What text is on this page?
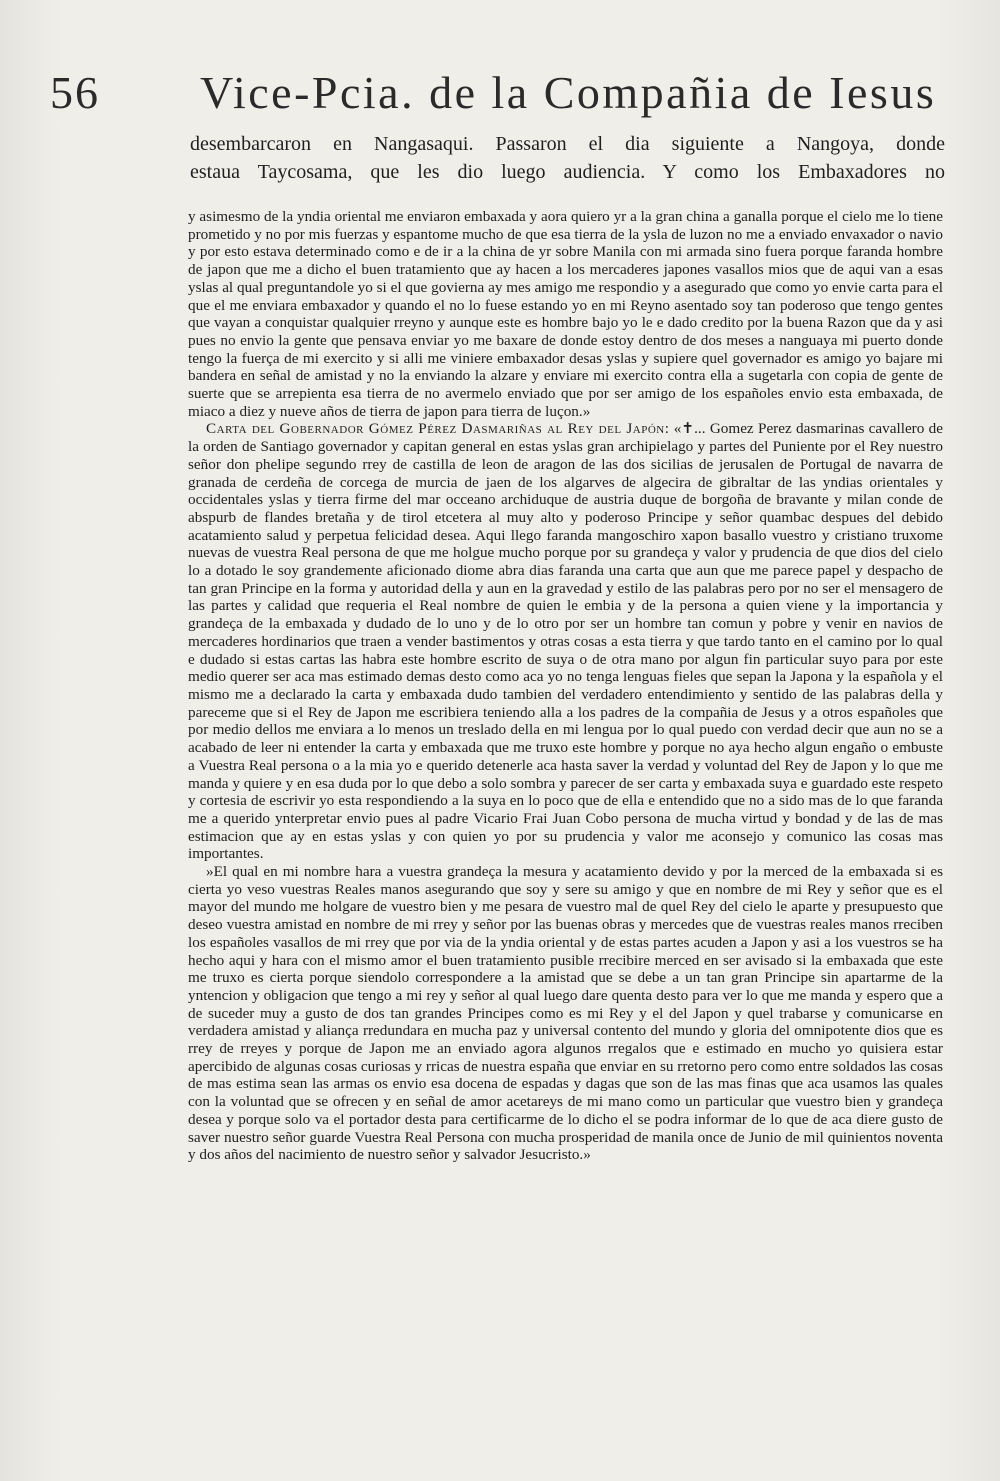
56 Vice-Pcia. de la Compañia de Iesus

desembarcaron en Nangasaqui. Passaron el dia siguiente a Nangoya, donde

estaua Taycosama, que les dio luego audiencia. Y como los Embaxadores no

y asimesmo de la yndia oriental me enviaron embaxada y aora quiero yr a la gran china a ganalla porque el cielo me lo tiene prometido y no por mis fuerzas y espantome mucho de que esa tierra de la ysla de luzon no me a enviado envaxador o navio y por esto estava determinado como e de ir a la china de yr sobre Manila con mi armada sino fuera porque faranda hombre de japon que me a dicho el buen tratamiento que ay hacen a los mercaderes japones vasallos mios que de aqui van a esas yslas al qual preguntandole yo si el que govierna ay mes amigo me respondio y a asegurado que como yo envie carta para el que el me enviara embaxador y quando el no lo fuese estando yo en mi Reyno asentado soy tan poderoso que tengo gentes que vayan a conquistar qualquier rreyno y aunque este es hombre bajo yo le e dado credito por la buena Razon que da y asi pues no envio la gente que pensava enviar yo me baxare de donde estoy dentro de dos meses a nanguaya mi puerto donde tengo la fuerça de mi exercito y si alli me viniere embaxador desas yslas y supiere quel governador es amigo yo bajare mi bandera en señal de amistad y no la enviando la alzare y enviare mi exercito contra ella a sugetarla con copia de gente de suerte que se arrepienta esa tierra de no avermelo enviado que por ser amigo de los españoles envio esta embaxada, de miaco a diez y nueve años de tierra de japon para tierra de luçon.»

Carta del Gobernador Gómez Pérez Dasmariñas al Rey del Japón: «✝... Gomez Perez dasmarinas cavallero de la orden de Santiago governador y capitan general en estas yslas gran archipielago y partes del Puniente por el Rey nuestro señor don phelipe segundo rrey de castilla de leon de aragon de las dos sicilias de jerusalen de Portugal de navarra de granada de cerdeña de corcega de murcia de jaen de los algarves de algecira de gibraltar de las yndias orientales y occidentales yslas y tierra firme del mar occeano archiduque de austria duque de borgoña de bravante y milan conde de abspurb de flandes bretaña y de tirol etcetera al muy alto y poderoso Principe y señor quambac despues del debido acatamiento salud y perpetua felicidad desea. Aqui llego faranda mangoschiro xapon basallo vuestro y cristiano truxome nuevas de vuestra Real persona de que me holgue mucho porque por su grandeça y valor y prudencia de que dios del cielo lo a dotado le soy grandemente aficionado diome abra dias faranda una carta que aun que me parece papel y despacho de tan gran Principe en la forma y autoridad della y aun en la gravedad y estilo de las palabras pero por no ser el mensagero de las partes y calidad que requeria el Real nombre de quien le embia y de la persona a quien viene y la importancia y grandeça de la embaxada y dudado de lo uno y de lo otro por ser un hombre tan comun y pobre y venir en navios de mercaderes hordinarios que traen a vender bastimentos y otras cosas a esta tierra y que tardo tanto en el camino por lo qual e dudado si estas cartas las habra este hombre escrito de suya o de otra mano por algun fin particular suyo para por este medio querer ser aca mas estimado demas desto como aca yo no tenga lenguas fieles que sepan la Japona y la española y el mismo me a declarado la carta y embaxada dudo tambien del verdadero entendimiento y sentido de las palabras della y pareceme que si el Rey de Japon me escribiera teniendo alla a los padres de la compañia de Jesus y a otros españoles que por medio dellos me enviara a lo menos un treslado della en mi lengua por lo qual puedo con verdad decir que aun no se a acabado de leer ni entender la carta y embaxada que me truxo este hombre y porque no aya hecho algun engaño o embuste a Vuestra Real persona o a la mia yo e querido detenerle aca hasta saver la verdad y voluntad del Rey de Japon y lo que me manda y quiere y en esa duda por lo que debo a solo sombra y parecer de ser carta y embaxada suya e guardado este respeto y cortesia de escrivir yo esta respondiendo a la suya en lo poco que de ella e entendido que no a sido mas de lo que faranda me a querido ynterpretar envio pues al padre Vicario Frai Juan Cobo persona de mucha virtud y bondad y de las de mas estimacion que ay en estas yslas y con quien yo por su prudencia y valor me aconsejo y comunico las cosas mas importantes.

»El qual en mi nombre hara a vuestra grandeça la mesura y acatamiento devido y por la merced de la embaxada si es cierta yo veso vuestras Reales manos asegurando que soy y sere su amigo y que en nombre de mi Rey y señor que es el mayor del mundo me holgare de vuestro bien y me pesara de vuestro mal de quel Rey del cielo le aparte y presupuesto que deseo vuestra amistad en nombre de mi rrey y señor por las buenas obras y mercedes que de vuestras reales manos rreciben los españoles vasallos de mi rrey que por via de la yndia oriental y de estas partes acuden a Japon y asi a los vuestros se ha hecho aqui y hara con el mismo amor el buen tratamiento pusible rrecibire merced en ser avisado si la embaxada que este me truxo es cierta porque siendolo correspondere a la amistad que se debe a un tan gran Principe sin apartarme de la yntencion y obligacion que tengo a mi rey y señor al qual luego dare quenta desto para ver lo que me manda y espero que a de suceder muy a gusto de dos tan grandes Principes como es mi Rey y el del Japon y quel trabarse y comunicarse en verdadera amistad y aliança rredundara en mucha paz y universal contento del mundo y gloria del omnipotente dios que es rrey de rreyes y porque de Japon me an enviado agora algunos rregalos que e estimado en mucho yo quisiera estar apercibido de algunas cosas curiosas y rricas de nuestra españa que enviar en su rretorno pero como entre soldados las cosas de mas estima sean las armas os envio esa docena de espadas y dagas que son de las mas finas que aca usamos las quales con la voluntad que se ofrecen y en señal de amor acetareys de mi mano como un particular que vuestro bien y grandeça desea y porque solo va el portador desta para certificarme de lo dicho el se podra informar de lo que de aca diere gusto de saver nuestro señor guarde Vuestra Real Persona con mucha prosperidad de manila once de Junio de mil quinientos noventa y dos años del nacimiento de nuestro señor y salvador Jesucristo.»
